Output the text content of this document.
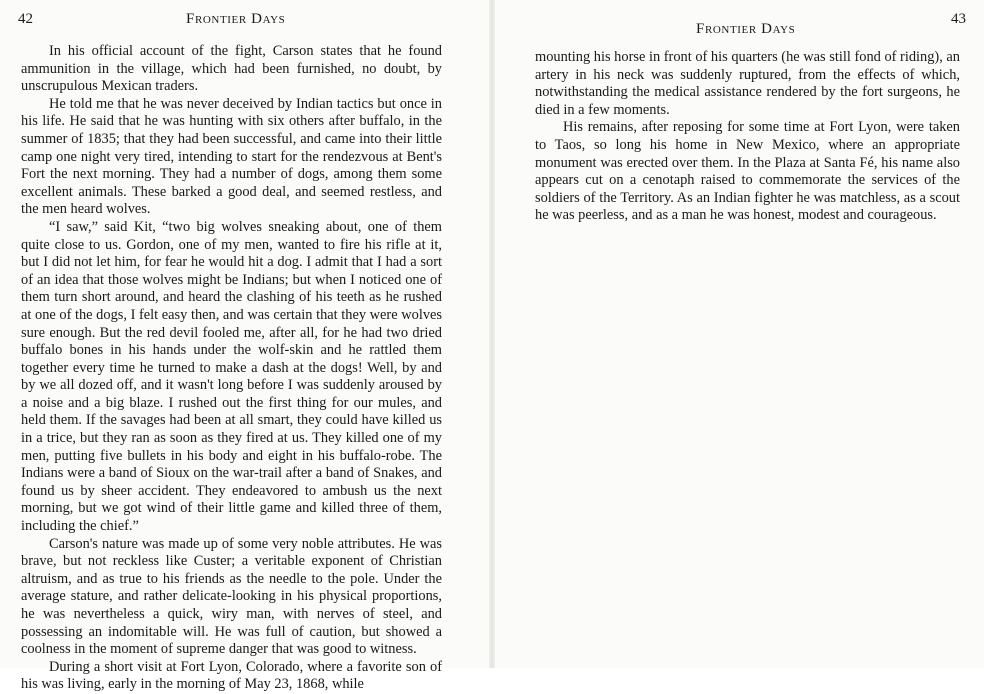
42	Frontier Days

In his official account of the fight, Carson states that he found ammunition in the village, which had been furnished, no doubt, by unscrupulous Mexican traders.

He told me that he was never deceived by Indian tactics but once in his life. He said that he was hunting with six others after buffalo, in the summer of 1835; that they had been successful, and came into their little camp one night very tired, intending to start for the rendezvous at Bent's Fort the next morning. They had a number of dogs, among them some excellent animals. These barked a good deal, and seemed restless, and the men heard wolves.

“I saw,” said Kit, “two big wolves sneaking about, one of them quite close to us. Gordon, one of my men, wanted to fire his rifle at it, but I did not let him, for fear he would hit a dog. I admit that I had a sort of an idea that those wolves might be Indians; but when I noticed one of them turn short around, and heard the clashing of his teeth as he rushed at one of the dogs, I felt easy then, and was certain that they were wolves sure enough. But the red devil fooled me, after all, for he had two dried buffalo bones in his hands under the wolf-skin and he rattled them together every time he turned to make a dash at the dogs! Well, by and by we all dozed off, and it wasn't long before I was suddenly aroused by a noise and a big blaze. I rushed out the first thing for our mules, and held them. If the savages had been at all smart, they could have killed us in a trice, but they ran as soon as they fired at us. They killed one of my men, putting five bullets in his body and eight in his buffalo-robe. The Indians were a band of Sioux on the war-trail after a band of Snakes, and found us by sheer accident. They endeavored to ambush us the next morning, but we got wind of their little game and killed three of them, including the chief.”

Carson's nature was made up of some very noble attributes. He was brave, but not reckless like Custer; a veritable exponent of Christian altruism, and as true to his friends as the needle to the pole. Under the average stature, and rather delicate-looking in his physical proportions, he was nevertheless a quick, wiry man, with nerves of steel, and possessing an indomitable will. He was full of caution, but showed a coolness in the moment of supreme danger that was good to witness.

During a short visit at Fort Lyon, Colorado, where a favorite son of his was living, early in the morning of May 23, 1868, while

Frontier Days
43

mounting his horse in front of his quarters (he was still fond of riding), an artery in his neck was suddenly ruptured, from the effects of which, notwithstanding the medical assistance rendered by the fort surgeons, he died in a few moments.

His remains, after reposing for some time at Fort Lyon, were taken to Taos, so long his home in New Mexico, where an appropriate monument was erected over them. In the Plaza at Santa Fé, his name also appears cut on a cenotaph raised to commemorate the services of the soldiers of the Territory. As an Indian fighter he was matchless, as a scout he was peerless, and as a man he was honest, modest and courageous.
